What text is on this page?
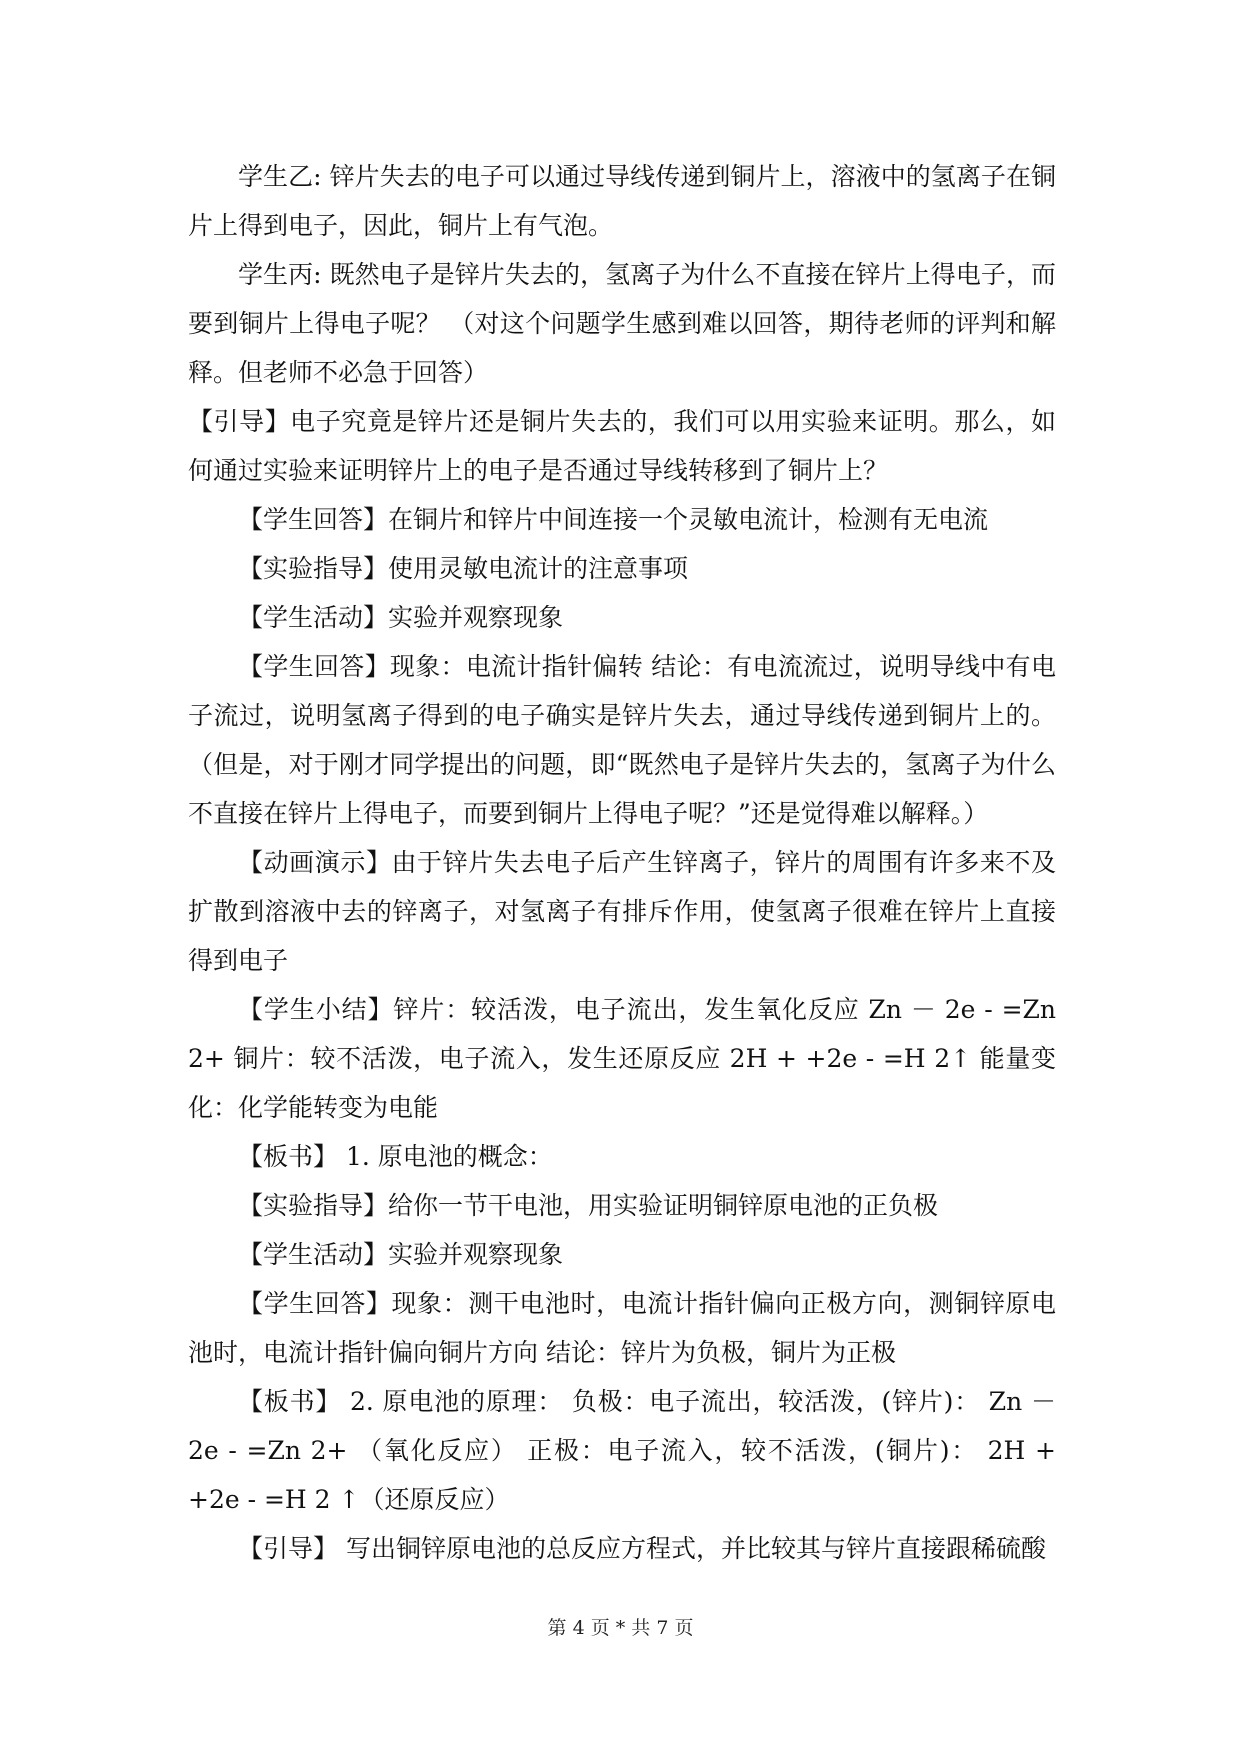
学生乙: 锌片失去的电子可以通过导线传递到铜片上，溶液中的氢离子在铜片上得到电子，因此，铜片上有气泡。

学生丙: 既然电子是锌片失去的，氢离子为什么不直接在锌片上得电子，而要到铜片上得电子呢？ （对这个问题学生感到难以回答，期待老师的评判和解释。但老师不必急于回答）

【引导】电子究竟是锌片还是铜片失去的，我们可以用实验来证明。那么，如何通过实验来证明锌片上的电子是否通过导线转移到了铜片上？

【学生回答】在铜片和锌片中间连接一个灵敏电流计，检测有无电流

【实验指导】使用灵敏电流计的注意事项

【学生活动】实验并观察现象

【学生回答】现象：电流计指针偏转 结论：有电流流过，说明导线中有电子流过，说明氢离子得到的电子确实是锌片失去，通过导线传递到铜片上的。（但是，对于刚才同学提出的问题，即“既然电子是锌片失去的，氢离子为什么不直接在锌片上得电子，而要到铜片上得电子呢？”还是觉得难以解释。）

【动画演示】由于锌片失去电子后产生锌离子，锌片的周围有许多来不及扩散到溶液中去的锌离子，对氢离子有排斥作用，使氢离子很难在锌片上直接得到电子

【学生小结】锌片：较活泼，电子流出，发生氧化反应 Zn － 2e - =Zn 2+ 铜片：较不活泼，电子流入，发生还原反应 2H + +2e - =H 2↑ 能量变化：化学能转变为电能

【板书】 1. 原电池的概念：

【实验指导】给你一节干电池，用实验证明铜锌原电池的正负极

【学生活动】实验并观察现象

【学生回答】现象：测干电池时，电流计指针偏向正极方向，测铜锌原电池时，电流计指针偏向铜片方向 结论：锌片为负极，铜片为正极

【板书】 2. 原电池的原理： 负极：电子流出，较活泼，(锌片)： Zn － 2e - =Zn 2+ （氧化反应） 正极：电子流入，较不活泼，(铜片)： 2H + +2e - =H 2 ↑（还原反应）

【引导】 写出铜锌原电池的总反应方程式，并比较其与锌片直接跟稀硫酸

第 4 页 * 共 7 页
